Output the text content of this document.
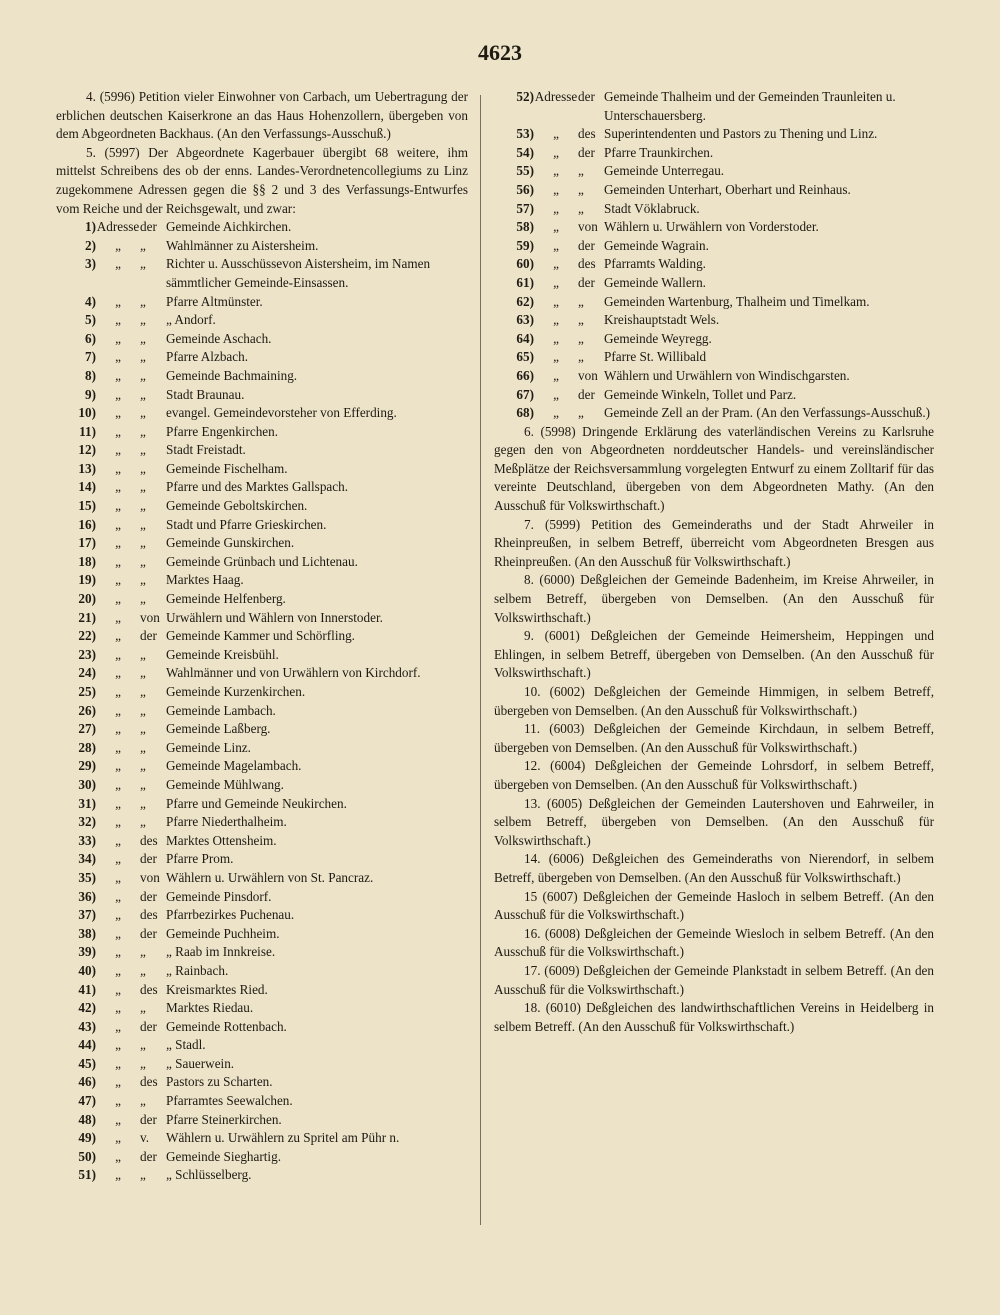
4623

4. (5996) Petition vieler Einwohner von Carbach, um Uebertragung der erblichen deutschen Kaiserkrone an das Haus Hohenzollern, übergeben von dem Abgeordneten Backhaus. (An den Verfassungs-Ausschuß.)

5. (5997) Der Abgeordnete Kagerbauer übergibt 68 weitere, ihm mittelst Schreibens des ob der enns. Landes-Verordnetencollegiums zu Linz zugekommene Adressen gegen die §§ 2 und 3 des Verfassungs-Entwurfes vom Reiche und der Reichsgewalt, und zwar:

1) Adresse der Gemeinde Aichkirchen.
2)	„	„	Wahlmänner zu Aistersheim.
3)	„	„	Richter u. Ausschüssevon Aistersheim, im Namen sämmtlicher Gemeinde-Einsassen.
4)	„	„	Pfarre Altmünster.
5)	„	„	„ Andorf.
6)	„	„	Gemeinde Aschach.
7)	„	„	Pfarre Alzbach.
8)	„	„	Gemeinde Bachmaining.
9)	„	„	Stadt Braunau.
10)	„	„	evangel. Gemeindevorsteher von Efferding.
11)	„	„	Pfarre Engenkirchen.
12)	„	„	Stadt Freistadt.
13)	„	„	Gemeinde Fischelham.
14)	„	„	Pfarre und des Marktes Gallspach.
15)	„	„	Gemeinde Geboltskirchen.
16)	„	„	Stadt und Pfarre Grieskirchen.
17)	„	„	Gemeinde Gunskirchen.
18)	„	„	Gemeinde Grünbach und Lichtenau.
19)	„	„	Marktes Haag.
20)	„	„	Gemeinde Helfenberg.
21)	„	von Urwählern und Wählern von Innerstoder.
22)	„	der Gemeinde Kammer und Schörfling.
23)	„	„	Gemeinde Kreisbühl.
24)	„	„	Wahlmänner und von Urwählern von Kirchdorf.
25)	„	„	Gemeinde Kurzenkirchen.
26)	„	„	Gemeinde Lambach.
27)	„	„	Gemeinde Laßberg.
28)	„	„	Gemeinde Linz.
29)	„	„	Gemeinde Magelambach.
30)	„	„	Gemeinde Mühlwang.
31)	„	„	Pfarre und Gemeinde Neukirchen.
32)	„	„	Pfarre Niederthalheim.
33)	„	des Marktes Ottensheim.
34)	„	der Pfarre Prom.
35)	„	von Wählern u. Urwählern von St. Pancraz.
36)	„	der Gemeinde Pinsdorf.
37)	„	des Pfarrbezirkes Puchenau.
38)	„	der Gemeinde Puchheim.
39)	„	„	„ Raab im Innkreise.
40)	„	„	„ Rainbach.
41)	„	des Kreismarktes Ried.
42)	„	„	Marktes Riedau.
43)	„	der Gemeinde Rottenbach.
44)	„	„	„ Stadl.
45)	„	„	„ Sauerwein.
46)	„	des Pastors zu Scharten.
47)	„	„	Pfarramtes Seewalchen.
48)	„	der Pfarre Steinerkirchen.
49)	„	v.	Wählern u. Urwählern zu Spritel am Pühr n.
50)	„	der Gemeinde Sieghartig.
51)	„	„	„ Schlüsselberg.
52) Adresse der Gemeinde Thalheim und der Gemeinden Traunleiten u. Unterschauersberg.
53)	„	des Superintendenten und Pastors zu Thening und Linz.
54)	„	der Pfarre Traunkirchen.
55)	„	„	Gemeinde Unterregau.
56)	„	„	Gemeinden Unterhart, Oberhart und Reinhaus.
57)	„	„	Stadt Vöklabruck.
58)	„	von Wählern u. Urwählern von Vorderstoder.
59)	„	der Gemeinde Wagrain.
60)	„	des Pfarramts Walding.
61)	„	der Gemeinde Wallern.
62)	„	„	Gemeinden Wartenburg, Thalheim und Timelkam.
63)	„	„	Kreishauptstadt Wels.
64)	„	„	Gemeinde Weyregg.
65)	„	„	Pfarre St. Willibald
66)	„	von Wählern und Urwählern von Windischgarsten.
67)	„	der Gemeinde Winkeln, Tollet und Parz.
68)	„	„	Gemeinde Zell an der Pram. (An den Verfassungs-Ausschuß.)

6. (5998) Dringende Erklärung des vaterländischen Vereins zu Karlsruhe gegen den von Abgeordneten norddeutscher Handels- und vereinsländischer Meßplätze der Reichsversammlung vorgelegten Entwurf zu einem Zolltarif für das vereinte Deutschland, übergeben von dem Abgeordneten Mathy. (An den Ausschuß für Volkswirthschaft.)

7. (5999) Petition des Gemeinderaths und der Stadt Ahrweiler in Rheinpreußen, in selbem Betreff, überreicht vom Abgeordneten Bresgen aus Rheinpreußen. (An den Ausschuß für Volkswirthschaft.)

8. (6000) Deßgleichen der Gemeinde Badenheim, im Kreise Ahrweiler, in selbem Betreff, übergeben von Demselben. (An den Ausschuß für Volkswirthschaft.)

9. (6001) Deßgleichen der Gemeinde Heimersheim, Heppingen und Ehlingen, in selbem Betreff, übergeben von Demselben. (An den Ausschuß für Volkswirthschaft.)

10. (6002) Deßgleichen der Gemeinde Himmigen, in selbem Betreff, übergeben von Demselben. (An den Ausschuß für Volkswirthschaft.)

11. (6003) Deßgleichen der Gemeinde Kirchdaun, in selbem Betreff, übergeben von Demselben. (An den Ausschuß für Volkswirthschaft.)

12. (6004) Deßgleichen der Gemeinde Lohrsdorf, in selbem Betreff, übergeben von Demselben. (An den Ausschuß für Volkswirthschaft.)

13. (6005) Deßgleichen der Gemeinden Lautershoven und Eahrweiler, in selbem Betreff, übergeben von Demselben. (An den Ausschuß für Volkswirthschaft.)

14. (6006) Deßgleichen des Gemeinderaths von Nierendorf, in selbem Betreff, übergeben von Demselben. (An den Ausschuß für Volkswirthschaft.)

15 (6007) Deßgleichen der Gemeinde Hasloch in selbem Betreff. (An den Ausschuß für die Volkswirthschaft.)

16. (6008) Deßgleichen der Gemeinde Wiesloch in selbem Betreff. (An den Ausschuß für die Volkswirthschaft.)

17. (6009) Deßgleichen der Gemeinde Plankstadt in selbem Betreff. (An den Ausschuß für die Volkswirthschaft.)

18. (6010) Deßgleichen des landwirthschaftlichen Vereins in Heidelberg in selbem Betreff. (An den Ausschuß für Volkswirthschaft.)
